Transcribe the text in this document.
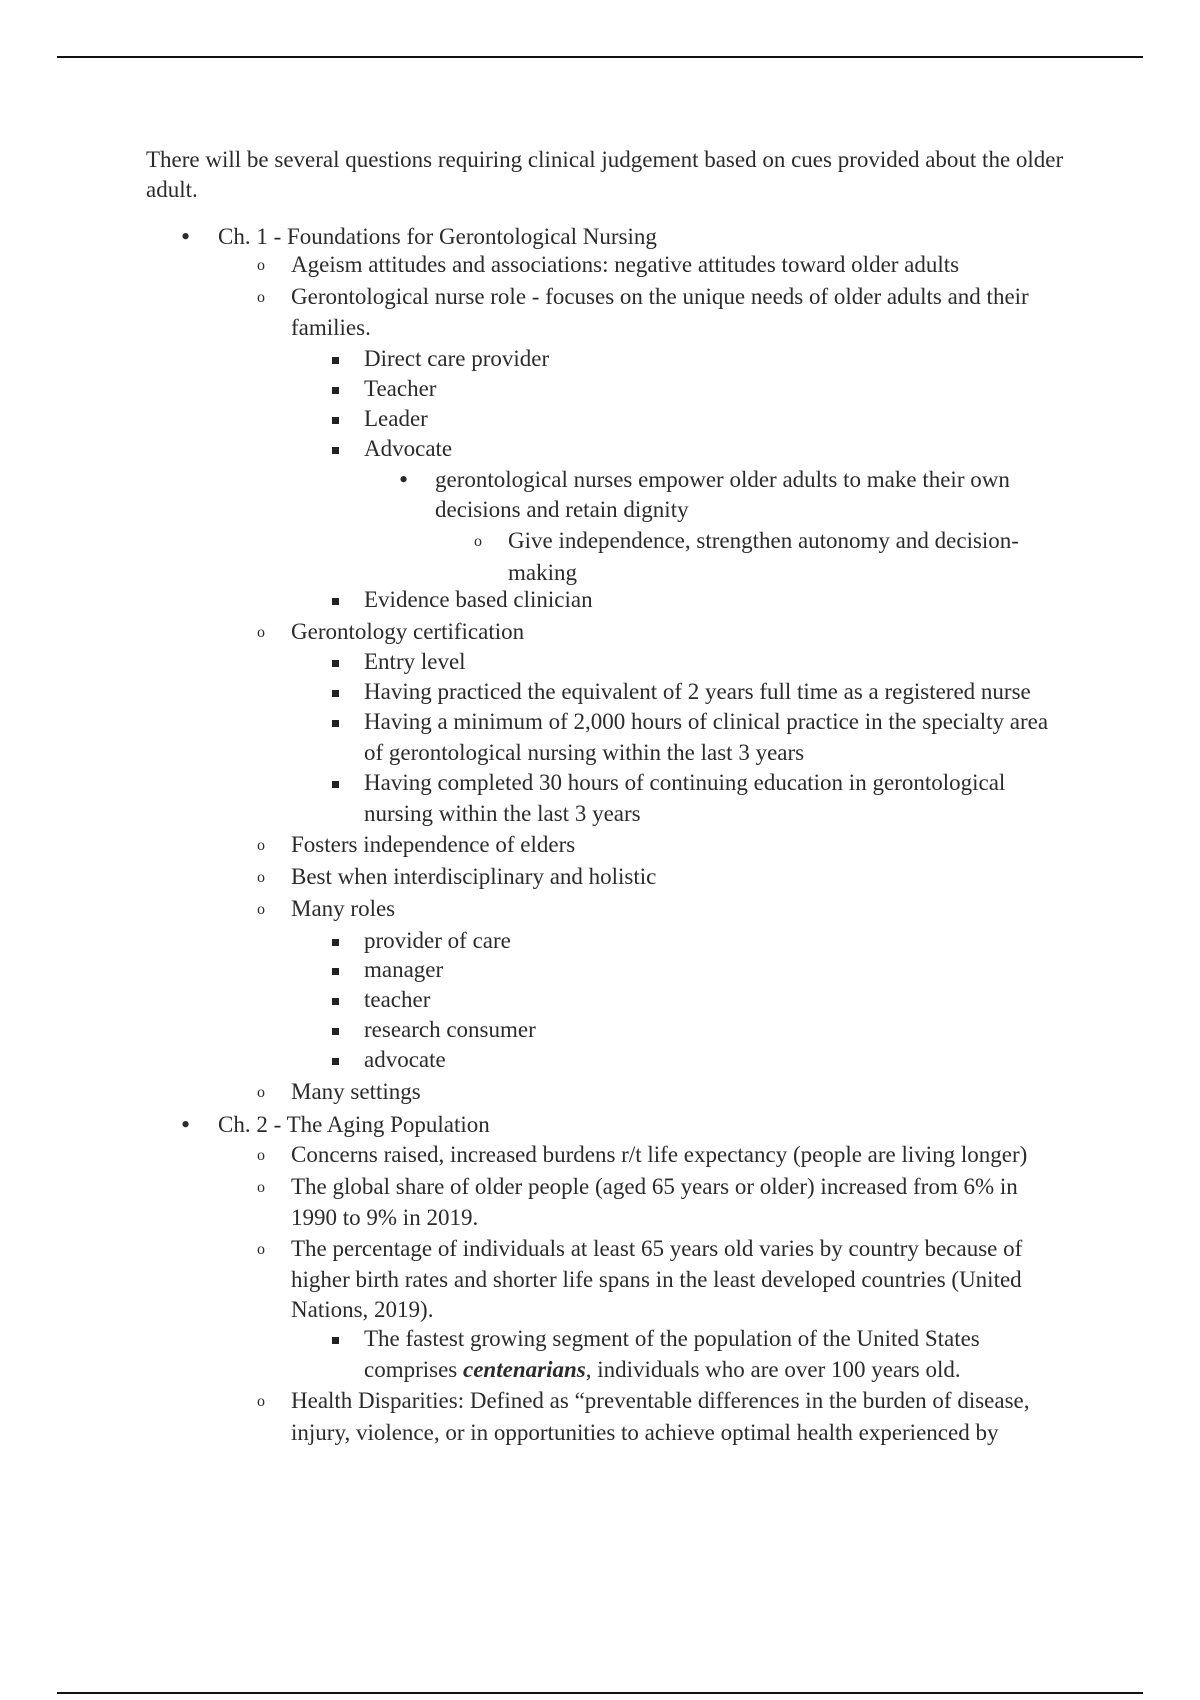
There will be several questions requiring clinical judgement based on cues provided about the older adult.

• Ch. 1 - Foundations for Gerontological Nursing
o Ageism attitudes and associations: negative attitudes toward older adults
o Gerontological nurse role - focuses on the unique needs of older adults and their
families.
Direct care provider
Teacher
Leader
Advocate
• gerontological nurses empower older adults to make their own
decisions and retain dignity
o Give independence, strengthen autonomy and decision-
making
Evidence based clinician
o Gerontology certification
Entry level
Having practiced the equivalent of 2 years full time as a registered nurse
Having a minimum of 2,000 hours of clinical practice in the specialty area
of gerontological nursing within the last 3 years
Having completed 30 hours of continuing education in gerontological
nursing within the last 3 years
o Fosters independence of elders
o Best when interdisciplinary and holistic
o Many roles
provider of care
manager
teacher
research consumer
advocate
o Many settings
• Ch. 2 - The Aging Population
o Concerns raised, increased burdens r/t life expectancy (people are living longer)
o The global share of older people (aged 65 years or older) increased from 6% in
1990 to 9% in 2019.
o The percentage of individuals at least 65 years old varies by country because of
higher birth rates and shorter life spans in the least developed countries (United
Nations, 2019).
The fastest growing segment of the population of the United States
comprises centenarians, individuals who are over 100 years old.
o Health Disparities: Defined as “preventable differences in the burden of disease,
injury, violence, or in opportunities to achieve optimal health experienced by
